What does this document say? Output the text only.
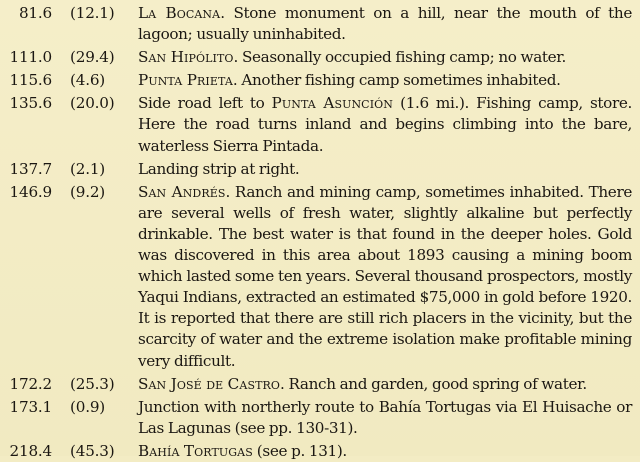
81.6 (12.1)	La Bocana. Stone monument on a hill, near the mouth of the lagoon; usually uninhabited.
111.0 (29.4)	San Hipólito. Seasonally occupied fishing camp; no water.
115.6 (4.6)	Punta Prieta. Another fishing camp sometimes inhabited.
135.6 (20.0)	Side road left to Punta Asunción (1.6 mi.). Fishing camp, store. Here the road turns inland and begins climbing into the bare, waterless Sierra Pintada.
137.7 (2.1)	Landing strip at right.
146.9 (9.2)	San Andrés. Ranch and mining camp, sometimes inhabited. There are several wells of fresh water, slightly alkaline but perfectly drinkable. The best water is that found in the deeper holes. Gold was discovered in this area about 1893 causing a mining boom which lasted some ten years. Several thousand prospectors, mostly Yaqui Indians, extracted an estimated $75,000 in gold before 1920. It is reported that there are still rich placers in the vicinity, but the scarcity of water and the extreme isolation make profitable mining very difficult.
172.2 (25.3)	San José de Castro. Ranch and garden, good spring of water.
173.1 (0.9)	Junction with northerly route to Bahía Tortugas via El Huisache or Las Lagunas (see pp. 130-31).
218.4 (45.3)	Bahía Tortugas (see p. 131).
